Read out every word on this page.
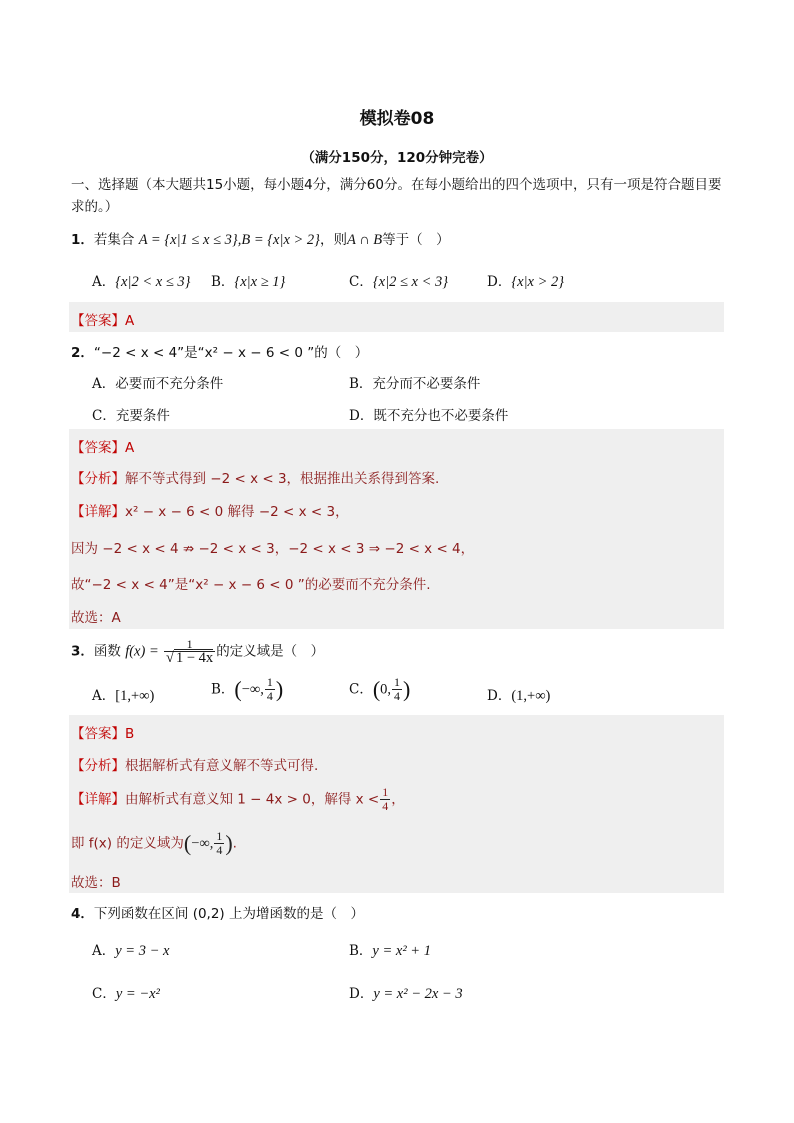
模拟卷08
（满分150分，120分钟完卷）
一、选择题（本大题共15小题，每小题4分，满分60分。在每小题给出的四个选项中，只有一项是符合题目要求的。）
1．若集合 A = {x|1 ≤ x ≤ 3},B = {x|x > 2}，则A ∩ B等于（　）
A．{x|2 < x ≤ 3} B．{x|x ≥ 1}	C．{x|2 ≤ x < 3}	D．{x|x > 2}
【答案】A
2．“−2 < x < 4”是“x² − x − 6 < 0 ”的（　）
A．必要而不充分条件	B．充分而不必要条件
C．充要条件	D．既不充分也不必要条件
【答案】A
【分析】解不等式得到 −2 < x < 3，根据推出关系得到答案.
【详解】x² − x − 6 < 0 解得 −2 < x < 3，
因为 −2 < x < 4 ⇏ −2 < x < 3，−2 < x < 3 ⇒ −2 < x < 4，
故“−2 < x < 4”是“x² − x − 6 < 0 ”的必要而不充分条件.
故选：A
3．函数 $f(x) = \frac{1}{√ 1 - 4x}$ 的定义域是（　）
A．[1,+∞)	B．(−∞, $\frac{1}{4}$ )	C．(0, $\frac{1}{4}$ )	D．(1,+∞)
【答案】B
【分析】根据解析式有意义解不等式可得.
【详解】由解析式有意义知 1 − 4x > 0，解得 $x < \frac{1}{4}$ ，
即 f(x) 的定义域为(−∞, $\frac{1}{4}$ ).
故选：B
4．下列函数在区间 (0,2) 上为增函数的是（　）
A．y = 3 − x	B．y = x² + 1
C．y = −x²	D．y = x² − 2x − 3
